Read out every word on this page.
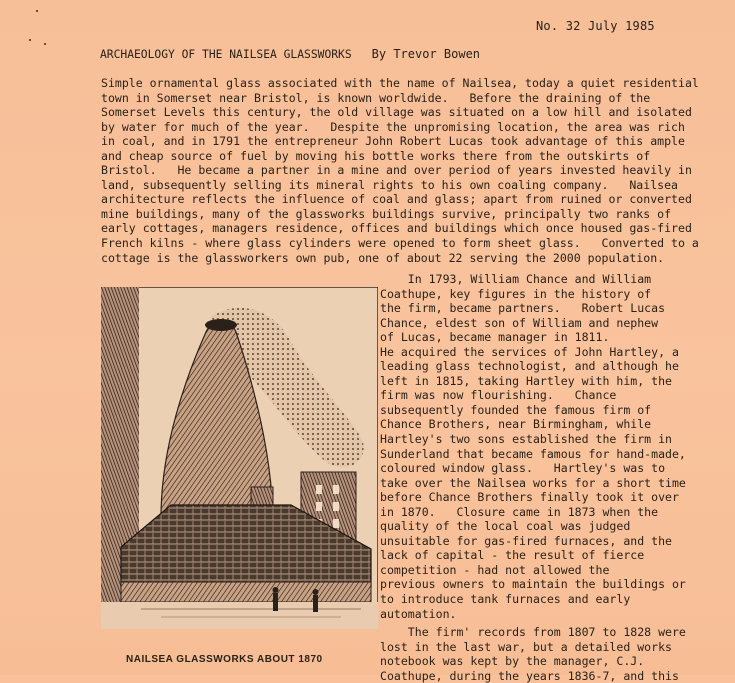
No. 32 July 1985
ARCHAEOLOGY OF THE NAILSEA GLASSWORKS By Trevor Bowen
Simple ornamental glass associated with the name of Nailsea, today a quiet residential
town in Somerset near Bristol, is known worldwide.   Before the draining of the
Somerset Levels this century, the old village was situated on a low hill and isolated
by water for much of the year.   Despite the unpromising location, the area was rich
in coal, and in 1791 the entrepreneur John Robert Lucas took advantage of this ample
and cheap source of fuel by moving his bottle works there from the outskirts of
Bristol.   He became a partner in a mine and over period of years invested heavily in
land, subsequently selling its mineral rights to his own coaling company.   Nailsea
architecture reflects the influence of coal and glass; apart from ruined or converted
mine buildings, many of the glassworks buildings survive, principally two ranks of
early cottages, managers residence, offices and buildings which once housed gas-fired
French kilns - where glass cylinders were opened to form sheet glass.   Converted to a
cottage is the glassworkers own pub, one of about 22 serving the 2000 population.
NAILSEA GLASSWORKS ABOUT 1870
In 1793, William Chance and William
Coathupe, key figures in the history of
the firm, became partners.   Robert Lucas
Chance, eldest son of William and nephew
of Lucas, became manager in 1811.
He acquired the services of John Hartley, a
leading glass technologist, and although he
left in 1815, taking Hartley with him, the
firm was now flourishing.   Chance
subsequently founded the famous firm of
Chance Brothers, near Birmingham, while
Hartley's two sons established the firm in
Sunderland that became famous for hand-made,
coloured window glass.   Hartley's was to
take over the Nailsea works for a short time
before Chance Brothers finally took it over
in 1870.   Closure came in 1873 when the
quality of the local coal was judged
unsuitable for gas-fired furnaces, and the
lack of capital - the result of fierce
competition - had not allowed the
previous owners to maintain the buildings or
to introduce tank furnaces and early
automation.
The firm' records from 1807 to 1828 were
lost in the last war, but a detailed works
notebook was kept by the manager, C.J.
Coathupe, during the years 1836-7, and this
